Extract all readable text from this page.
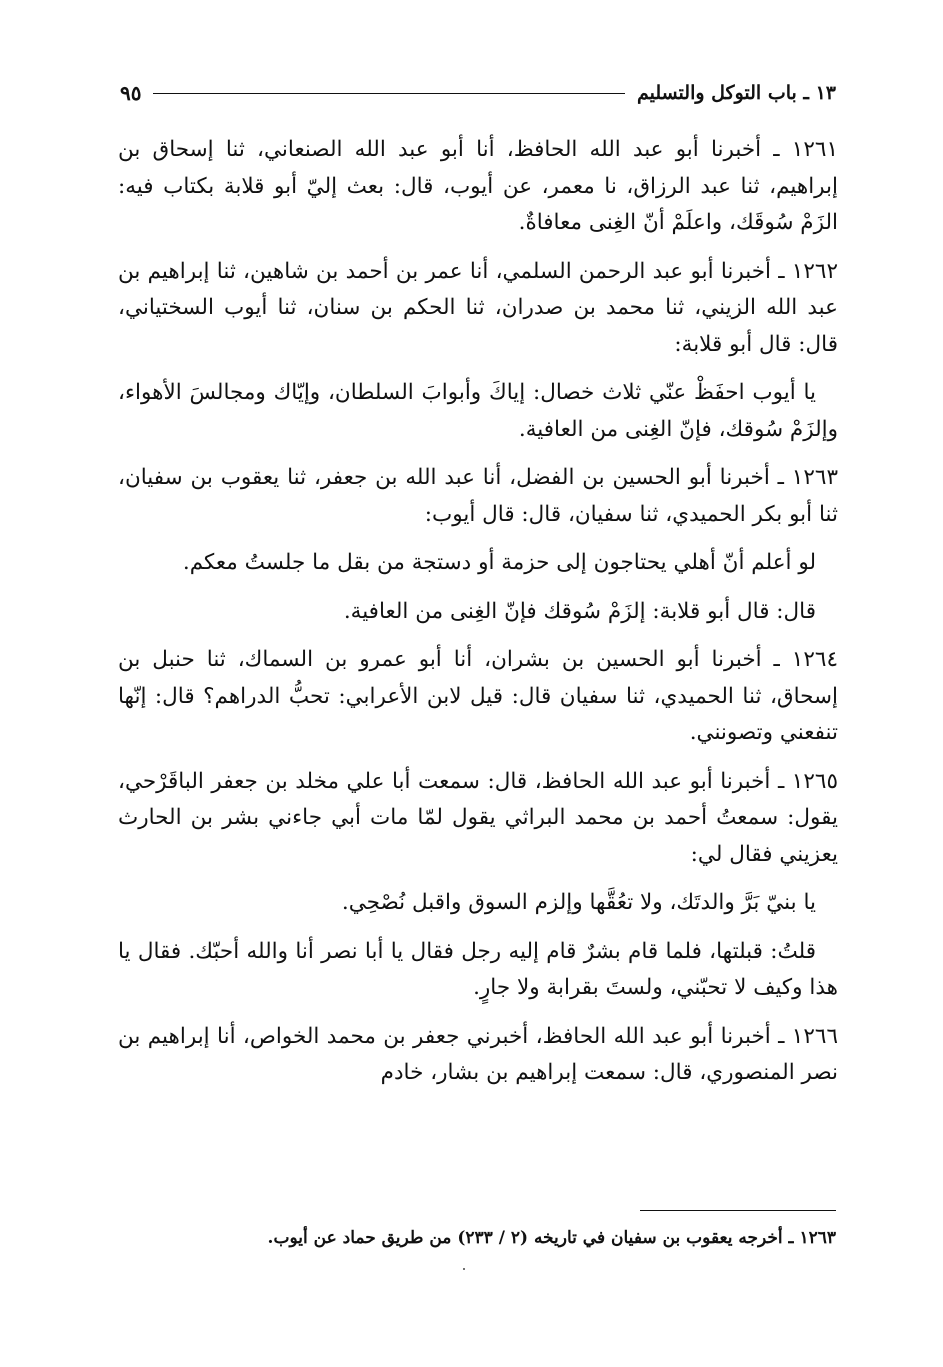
١٣ ـ باب التوكل والتسليم
٩٥

١٢٦١ ـ أخبرنا أبو عبد الله الحافظ، أنا أبو عبد الله الصنعاني، ثنا إسحاق بن إبراهيم، ثنا عبد الرزاق، نا معمر، عن أيوب، قال: بعث إليّ أبو قلابة بكتاب فيه: الزَمْ سُوقَك، واعلَمْ أنّ الغِنى معافاةٌ.

١٢٦٢ ـ أخبرنا أبو عبد الرحمن السلمي، أنا عمر بن أحمد بن شاهين، ثنا إبراهيم بن عبد الله الزيني، ثنا محمد بن صدران، ثنا الحكم بن سنان، ثنا أيوب السختياني، قال: قال أبو قلابة:

يا أيوب احفَظْ عنّي ثلاث خصال: إياكَ وأبوابَ السلطان، وإيّاك ومجالسَ الأهواء، وإلزَمْ سُوقك، فإنّ الغِنى من العافية.

١٢٦٣ ـ أخبرنا أبو الحسين بن الفضل، أنا عبد الله بن جعفر، ثنا يعقوب بن سفيان، ثنا أبو بكر الحميدي، ثنا سفيان، قال: قال أيوب:

لو أعلم أنّ أهلي يحتاجون إلى حزمة أو دستجة من بقل ما جلستُ معكم.

قال: قال أبو قلابة: إلزَمْ سُوقك فإنّ الغِنى من العافية.

١٢٦٤ ـ أخبرنا أبو الحسين بن بشران، أنا أبو عمرو بن السماك، ثنا حنبل بن إسحاق، ثنا الحميدي، ثنا سفيان قال: قيل لابن الأعرابي: تحبُّ الدراهم؟ قال: إنّها تنفعني وتصونني.

١٢٦٥ ـ أخبرنا أبو عبد الله الحافظ، قال: سمعت أبا علي مخلد بن جعفر الباقَرْحي، يقول: سمعتُ أحمد بن محمد البراثي يقول لمّا مات أبي جاءني بشر بن الحارث يعزيني فقال لي:

يا بنيّ بَرَّ والدتَك، ولا تعُقَّها وإلزم السوق واقبل نُصْحِي.

قلتُ: قبلتها، فلما قام بشرٌ قام إليه رجل فقال يا أبا نصر أنا والله أحبّك. فقال يا هذا وكيف لا تحبّني، ولستَ بقرابة ولا جارٍ.

١٢٦٦ ـ أخبرنا أبو عبد الله الحافظ، أخبرني جعفر بن محمد الخواص، أنا إبراهيم بن نصر المنصوري، قال: سمعت إبراهيم بن بشار، خادم

١٢٦٣ ـ أخرجه يعقوب بن سفيان في تاريخه (٢ / ٢٣٣) من طريق حماد عن أيوب.
